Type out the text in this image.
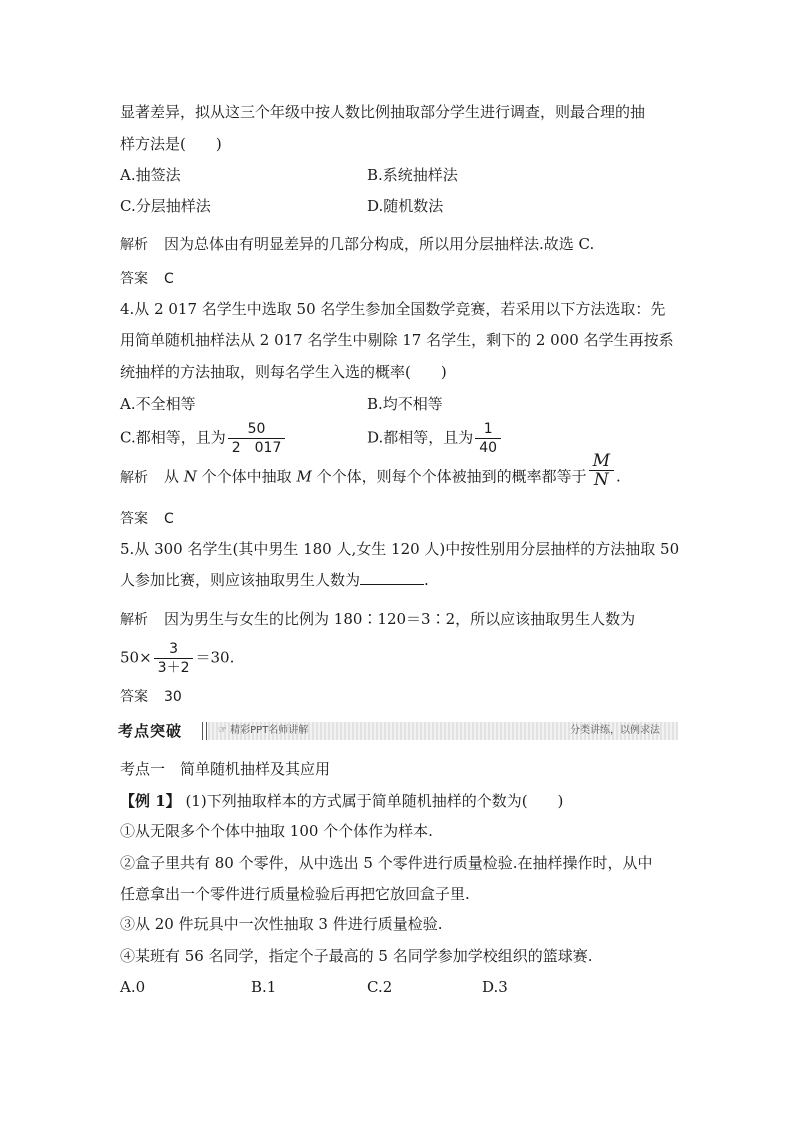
显著差异，拟从这三个年级中按人数比例抽取部分学生进行调查，则最合理的抽
样方法是(　　)
A.抽签法	B.系统抽样法
C.分层抽样法	D.随机数法
解析 因为总体由有明显差异的几部分构成，所以用分层抽样法.故选 C.
答案 C
4.从 2 017 名学生中选取 50 名学生参加全国数学竞赛，若采用以下方法选取：先
用简单随机抽样法从 2 017 名学生中剔除 17 名学生，剩下的 2 000 名学生再按系
统抽样的方法抽取，则每名学生入选的概率(　　)
A.不全相等	B.均不相等
C.都相等，且为 $\frac{50}{2 017}$	D.都相等，且为 $\frac{1}{40}$
解析 从 N 个个体中抽取 M 个个体，则每个个体被抽到的概率都等于 $\frac{M}{N}$ .
答案 C
5.从 300 名学生(其中男生 180 人,女生 120 人)中按性别用分层抽样的方法抽取 50
人参加比赛，则应该抽取男生人数为	.
解析 因为男生与女生的比例为 180∶120＝3∶2，所以应该抽取男生人数为
$50\times \frac{3}{3+2} =30$.
答案 30
考点突破	☞ 精彩PPT名师讲解	分类讲练，以例求法
考点一　简单随机抽样及其应用
【例 1】 (1)下列抽取样本的方式属于简单随机抽样的个数为(　　)
①从无限多个个体中抽取 100 个个体作为样本.
②盒子里共有 80 个零件，从中选出 5 个零件进行质量检验.在抽样操作时，从中
任意拿出一个零件进行质量检验后再把它放回盒子里.
③从 20 件玩具中一次性抽取 3 件进行质量检验.
④某班有 56 名同学，指定个子最高的 5 名同学参加学校组织的篮球赛.
A.0	B.1	C.2	D.3
